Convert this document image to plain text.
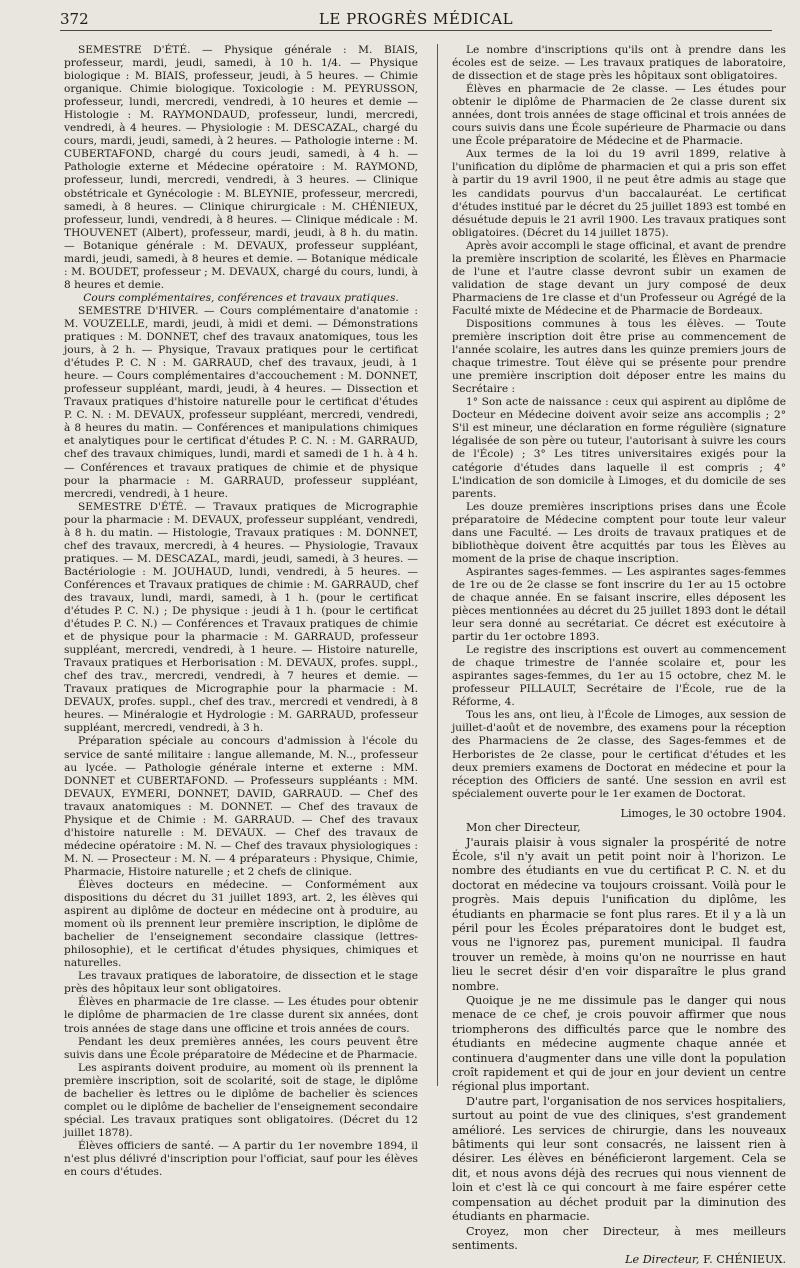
372	LE PROGRÈS MÉDICAL

SEMESTRE D'ÉTÉ. — Physique générale : M. BIAIS, professeur, mardi, jeudi, samedi, à 10 h. 1/4. — Physique biologique : M. BIAIS, professeur, jeudi, à 5 heures. — Chimie organique. Chimie biologique. Toxicologie : M. PEYRUSSON, professeur, lundi, mercredi, vendredi, à 10 heures et demie — Histologie : M. RAYMONDAUD, professeur, lundi, mercredi, vendredi, à 4 heures. — Physiologie : M. DESCAZAL, chargé du cours, mardi, jeudi, samedi, à 2 heures. — Pathologie interne : M. CUBERTAFOND, chargé du cours jeudi, samedi, à 4 h. — Pathologie externe et Médecine opératoire : M. RAYMOND, professeur, lundi, mercredi, vendredi, à 3 heures. — Clinique obstétricale et Gynécologie : M. BLEYNIE, professeur, mercredi, samedi, à 8 heures. — Clinique chirurgicale : M. CHÉNIEUX, professeur, lundi, vendredi, à 8 heures. — Clinique médicale : M. THOUVENET (Albert), professeur, mardi, jeudi, à 8 h. du matin. — Botanique générale : M. DEVAUX, professeur suppléant, mardi, jeudi, samedi, à 8 heures et demie. — Botanique médicale : M. BOUDET, professeur ; M. DEVAUX, chargé du cours, lundi, à 8 heures et demie.

Cours complémentaires, conférences et travaux pratiques.

SEMESTRE D'HIVER. — Cours complémentaire d'anatomie : M. VOUZELLE, mardi, jeudi, à midi et demi. — Démonstrations pratiques : M. DONNET, chef des travaux anatomiques, tous les jours, à 2 h. — Physique, Travaux pratiques pour le certificat d'études P. C. N : M. GARRAUD, chef des travaux, jeudi, à 1 heure. — Cours complémentaires d'accouchement : M. DONNET, professeur suppléant, mardi, jeudi, à 4 heures. — Dissection et Travaux pratiques d'histoire naturelle pour le certificat d'études P. C. N. : M. DEVAUX, professeur suppléant, mercredi, vendredi, à 8 heures du matin. — Conférences et manipulations chimiques et analytiques pour le certificat d'études P. C. N. : M. GARRAUD, chef des travaux chimiques, lundi, mardi et samedi de 1 h. à 4 h. — Conférences et travaux pratiques de chimie et de physique pour la pharmacie : M. GARRAUD, professeur suppléant, mercredi, vendredi, à 1 heure.

SEMESTRE D'ÉTÉ. — Travaux pratiques de Micrographie pour la pharmacie : M. DEVAUX, professeur suppléant, vendredi, à 8 h. du matin. — Histologie, Travaux pratiques : M. DONNET, chef des travaux, mercredi, à 4 heures. — Physiologie, Travaux pratiques. — M. DESCAZAL, mardi, jeudi, samedi, à 3 heures. — Bactériologie : M. JOUHAUD, lundi, vendredi, à 5 heures. — Conférences et Travaux pratiques de chimie : M. GARRAUD, chef des travaux, lundi, mardi, samedi, à 1 h. (pour le certificat d'études P. C. N.) ; De physique : jeudi à 1 h. (pour le certificat d'études P. C. N.) — Conférences et Travaux pratiques de chimie et de physique pour la pharmacie : M. GARRAUD, professeur suppléant, mercredi, vendredi, à 1 heure. — Histoire naturelle, Travaux pratiques et Herborisation : M. DEVAUX, profes. suppl., chef des trav., mercredi, vendredi, à 7 heures et demie. — Travaux pratiques de Micrographie pour la pharmacie : M. DEVAUX, profes. suppl., chef des trav., mercredi et vendredi, à 8 heures. — Minéralogie et Hydrologie : M. GARRAUD, professeur suppléant, mercredi, vendredi, à 3 h.

Préparation spéciale au concours d'admission à l'école du service de santé militaire : langue allemande, M. N.., professeur au lycée. — Pathologie générale interne et externe : MM. DONNET et CUBERTAFOND. — Professeurs suppléants : MM. DEVAUX, EYMERI, DONNET, DAVID, GARRAUD. — Chef des travaux anatomiques : M. DONNET. — Chef des travaux de Physique et de Chimie : M. GARRAUD. — Chef des travaux d'histoire naturelle : M. DEVAUX. — Chef des travaux de médecine opératoire : M. N. — Chef des travaux physiologiques : M. N. — Prosecteur : M. N. — 4 préparateurs : Physique, Chimie, Pharmacie, Histoire naturelle ; et 2 chefs de clinique.

Élèves docteurs en médecine. — Conformément aux dispositions du décret du 31 juillet 1893, art. 2, les élèves qui aspirent au diplôme de docteur en médecine ont à produire, au moment où ils prennent leur première inscription, le diplôme de bachelier de l'enseignement secondaire classique (lettres-philosophie), et le certificat d'études physiques, chimiques et naturelles.

Les travaux pratiques de laboratoire, de dissection et le stage près des hôpitaux leur sont obligatoires.

Élèves en pharmacie de 1re classe. — Les études pour obtenir le diplôme de pharmacien de 1re classe durent six années, dont trois années de stage dans une officine et trois années de cours.

Pendant les deux premières années, les cours peuvent être suivis dans une École préparatoire de Médecine et de Pharmacie.

Les aspirants doivent produire, au moment où ils prennent la première inscription, soit de scolarité, soit de stage, le diplôme de bachelier ès lettres ou le diplôme de bachelier ès sciences complet ou le diplôme de bachelier de l'enseignement secondaire spécial. Les travaux pratiques sont obligatoires. (Décret du 12 juillet 1878).

Élèves officiers de santé. — A partir du 1er novembre 1894, il n'est plus délivré d'inscription pour l'officiat, sauf pour les élèves en cours d'études.

Le nombre d'inscriptions qu'ils ont à prendre dans les écoles est de seize. — Les travaux pratiques de laboratoire, de dissection et de stage près les hôpitaux sont obligatoires.

Élèves en pharmacie de 2e classe. — Les études pour obtenir le diplôme de Pharmacien de 2e classe durent six années, dont trois années de stage officinal et trois années de cours suivis dans une École supérieure de Pharmacie ou dans une École préparatoire de Médecine et de Pharmacie.

Aux termes de la loi du 19 avril 1899, relative à l'unification du diplôme de pharmacien et qui a pris son effet à partir du 19 avril 1900, il ne peut être admis au stage que les candidats pourvus d'un baccalauréat. Le certificat d'études institué par le décret du 25 juillet 1893 est tombé en désuétude depuis le 21 avril 1900. Les travaux pratiques sont obligatoires. (Décret du 14 juillet 1875).

Après avoir accompli le stage officinal, et avant de prendre la première inscription de scolarité, les Élèves en Pharmacie de l'une et l'autre classe devront subir un examen de validation de stage devant un jury composé de deux Pharmaciens de 1re classe et d'un Professeur ou Agrégé de la Faculté mixte de Médecine et de Pharmacie de Bordeaux.

Dispositions communes à tous les élèves. — Toute première inscription doit être prise au commencement de l'année scolaire, les autres dans les quinze premiers jours de chaque trimestre. Tout élève qui se présente pour prendre une première inscription doit déposer entre les mains du Secrétaire :

1° Son acte de naissance : ceux qui aspirent au diplôme de Docteur en Médecine doivent avoir seize ans accomplis ; 2° S'il est mineur, une déclaration en forme régulière (signature légalisée de son père ou tuteur, l'autorisant à suivre les cours de l'École) ; 3° Les titres universitaires exigés pour la catégorie d'études dans laquelle il est compris ; 4° L'indication de son domicile à Limoges, et du domicile de ses parents.

Les douze premières inscriptions prises dans une École préparatoire de Médecine comptent pour toute leur valeur dans une Faculté. — Les droits de travaux pratiques et de bibliothèque doivent être acquittés par tous les Élèves au moment de la prise de chaque inscription.

Aspirantes sages-femmes. — Les aspirantes sages-femmes de 1re ou de 2e classe se font inscrire du 1er au 15 octobre de chaque année. En se faisant inscrire, elles déposent les pièces mentionnées au décret du 25 juillet 1893 dont le détail leur sera donné au secrétariat. Ce décret est exécutoire à partir du 1er octobre 1893.

Le registre des inscriptions est ouvert au commencement de chaque trimestre de l'année scolaire et, pour les aspirantes sages-femmes, du 1er au 15 octobre, chez M. le professeur PILLAULT, Secrétaire de l'École, rue de la Réforme, 4.

Tous les ans, ont lieu, à l'École de Limoges, aux session de juillet-d'août et de novembre, des examens pour la réception des Pharmaciens de 2e classe, des Sages-femmes et de Herboristes de 2e classe, pour le certificat d'études et les deux premiers examens de Doctorat en médecine et pour la réception des Officiers de santé. Une session en avril est spécialement ouverte pour le 1er examen de Doctorat.

Limoges, le 30 octobre 1904.

Mon cher Directeur,

J'aurais plaisir à vous signaler la prospérité de notre École, s'il n'y avait un petit point noir à l'horizon. Le nombre des étudiants en vue du certificat P. C. N. et du doctorat en médecine va toujours croissant. Voilà pour le progrès. Mais depuis l'unification du diplôme, les étudiants en pharmacie se font plus rares. Et il y a là un péril pour les Écoles préparatoires dont le budget est, vous ne l'ignorez pas, purement municipal. Il faudra trouver un remède, à moins qu'on ne nourrisse en haut lieu le secret désir d'en voir disparaître le plus grand nombre.

Quoique je ne me dissimule pas le danger qui nous menace de ce chef, je crois pouvoir affirmer que nous triompherons des difficultés parce que le nombre des étudiants en médecine augmente chaque année et continuera d'augmenter dans une ville dont la population croît rapidement et qui de jour en jour devient un centre régional plus important.

D'autre part, l'organisation de nos services hospitaliers, surtout au point de vue des cliniques, s'est grandement amélioré. Les services de chirurgie, dans les nouveaux bâtiments qui leur sont consacrés, ne laissent rien à désirer. Les élèves en bénéficieront largement. Cela se dit, et nous avons déjà des recrues qui nous viennent de loin et c'est là ce qui concourt à me faire espérer cette compensation au déchet produit par la diminution des étudiants en pharmacie.

Croyez, mon cher Directeur, à mes meilleurs sentiments.

Le Directeur, F. CHÉNIEUX.
